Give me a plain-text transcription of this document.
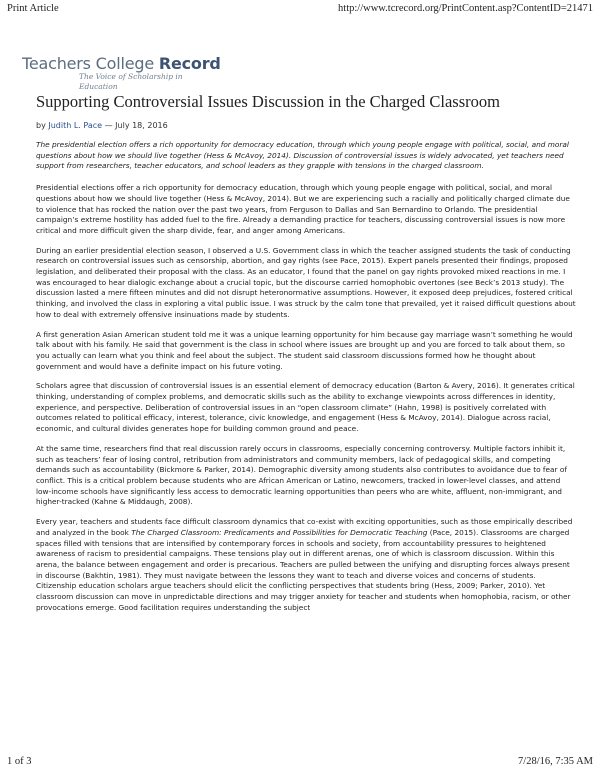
Print Article	http://www.tcrecord.org/PrintContent.asp?ContentID=21471
Teachers College Record
The Voice of Scholarship in Education
Supporting Controversial Issues Discussion in the Charged Classroom
by Judith L. Pace — July 18, 2016

The presidential election offers a rich opportunity for democracy education, through which young people engage with political, social, and moral questions about how we should live together (Hess & McAvoy, 2014). Discussion of controversial issues is widely advocated, yet teachers need support from researchers, teacher educators, and school leaders as they grapple with tensions in the charged classroom.

Presidential elections offer a rich opportunity for democracy education, through which young people engage with political, social, and moral questions about how we should live together (Hess & McAvoy, 2014). But we are experiencing such a racially and politically charged climate due to violence that has rocked the nation over the past two years, from Ferguson to Dallas and San Bernardino to Orlando. The presidential campaign’s extreme hostility has added fuel to the fire. Already a demanding practice for teachers, discussing controversial issues is now more critical and more difficult given the sharp divide, fear, and anger among Americans.

During an earlier presidential election season, I observed a U.S. Government class in which the teacher assigned students the task of conducting research on controversial issues such as censorship, abortion, and gay rights (see Pace, 2015). Expert panels presented their findings, proposed legislation, and deliberated their proposal with the class. As an educator, I found that the panel on gay rights provoked mixed reactions in me. I was encouraged to hear dialogic exchange about a crucial topic, but the discourse carried homophobic overtones (see Beck’s 2013 study). The discussion lasted a mere fifteen minutes and did not disrupt heteronormative assumptions. However, it exposed deep prejudices, fostered critical thinking, and involved the class in exploring a vital public issue. I was struck by the calm tone that prevailed, yet it raised difficult questions about how to deal with extremely offensive insinuations made by students.

A first generation Asian American student told me it was a unique learning opportunity for him because gay marriage wasn’t something he would talk about with his family. He said that government is the class in school where issues are brought up and you are forced to talk about them, so you actually can learn what you think and feel about the subject. The student said classroom discussions formed how he thought about government and would have a definite impact on his future voting.

Scholars agree that discussion of controversial issues is an essential element of democracy education (Barton & Avery, 2016). It generates critical thinking, understanding of complex problems, and democratic skills such as the ability to exchange viewpoints across differences in identity, experience, and perspective. Deliberation of controversial issues in an “open classroom climate” (Hahn, 1998) is positively correlated with outcomes related to political efficacy, interest, tolerance, civic knowledge, and engagement (Hess & McAvoy, 2014). Dialogue across racial, economic, and cultural divides generates hope for building common ground and peace.

At the same time, researchers find that real discussion rarely occurs in classrooms, especially concerning controversy. Multiple factors inhibit it, such as teachers’ fear of losing control, retribution from administrators and community members, lack of pedagogical skills, and competing demands such as accountability (Bickmore & Parker, 2014). Demographic diversity among students also contributes to avoidance due to fear of conflict. This is a critical problem because students who are African American or Latino, newcomers, tracked in lower-level classes, and attend low-income schools have significantly less access to democratic learning opportunities than peers who are white, affluent, non-immigrant, and higher-tracked (Kahne & Middaugh, 2008).

Every year, teachers and students face difficult classroom dynamics that co-exist with exciting opportunities, such as those empirically described and analyzed in the book The Charged Classroom: Predicaments and Possibilities for Democratic Teaching (Pace, 2015). Classrooms are charged spaces filled with tensions that are intensified by contemporary forces in schools and society, from accountability pressures to heightened awareness of racism to presidential campaigns. These tensions play out in different arenas, one of which is classroom discussion. Within this arena, the balance between engagement and order is precarious. Teachers are pulled between the unifying and disrupting forces always present in discourse (Bakhtin, 1981). They must navigate between the lessons they want to teach and diverse voices and concerns of students. Citizenship education scholars argue teachers should elicit the conflicting perspectives that students bring (Hess, 2009; Parker, 2010). Yet classroom discussion can move in unpredictable directions and may trigger anxiety for teacher and students when homophobia, racism, or other provocations emerge. Good facilitation requires understanding the subject

1 of 3	7/28/16, 7:35 AM
